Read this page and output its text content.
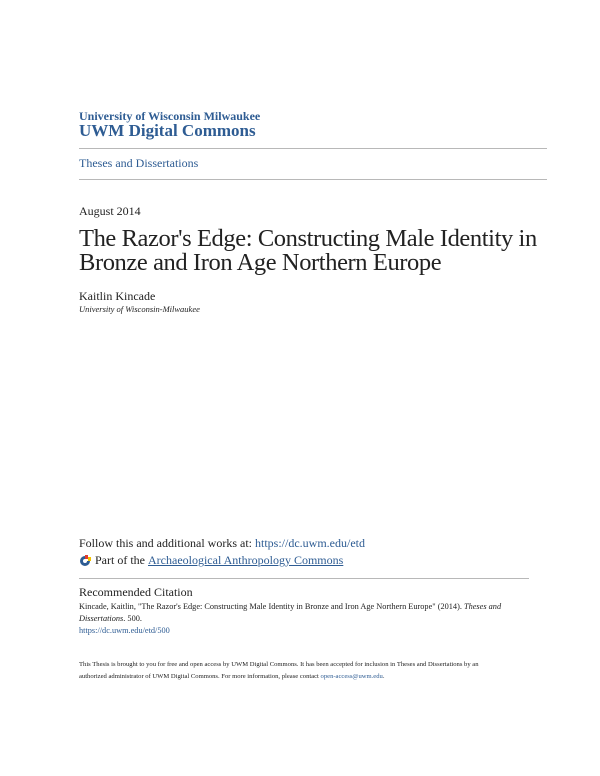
University of Wisconsin Milwaukee
UWM Digital Commons
Theses and Dissertations
August 2014
The Razor's Edge: Constructing Male Identity in
Bronze and Iron Age Northern Europe
Kaitlin Kincade
University of Wisconsin-Milwaukee
Follow this and additional works at: https://dc.uwm.edu/etd
Part of the Archaeological Anthropology Commons
Recommended Citation
Kincade, Kaitlin, "The Razor's Edge: Constructing Male Identity in Bronze and Iron Age Northern Europe" (2014). Theses and Dissertations. 500.
https://dc.uwm.edu/etd/500
This Thesis is brought to you for free and open access by UWM Digital Commons. It has been accepted for inclusion in Theses and Dissertations by an
authorized administrator of UWM Digital Commons. For more information, please contact open-access@uwm.edu.
